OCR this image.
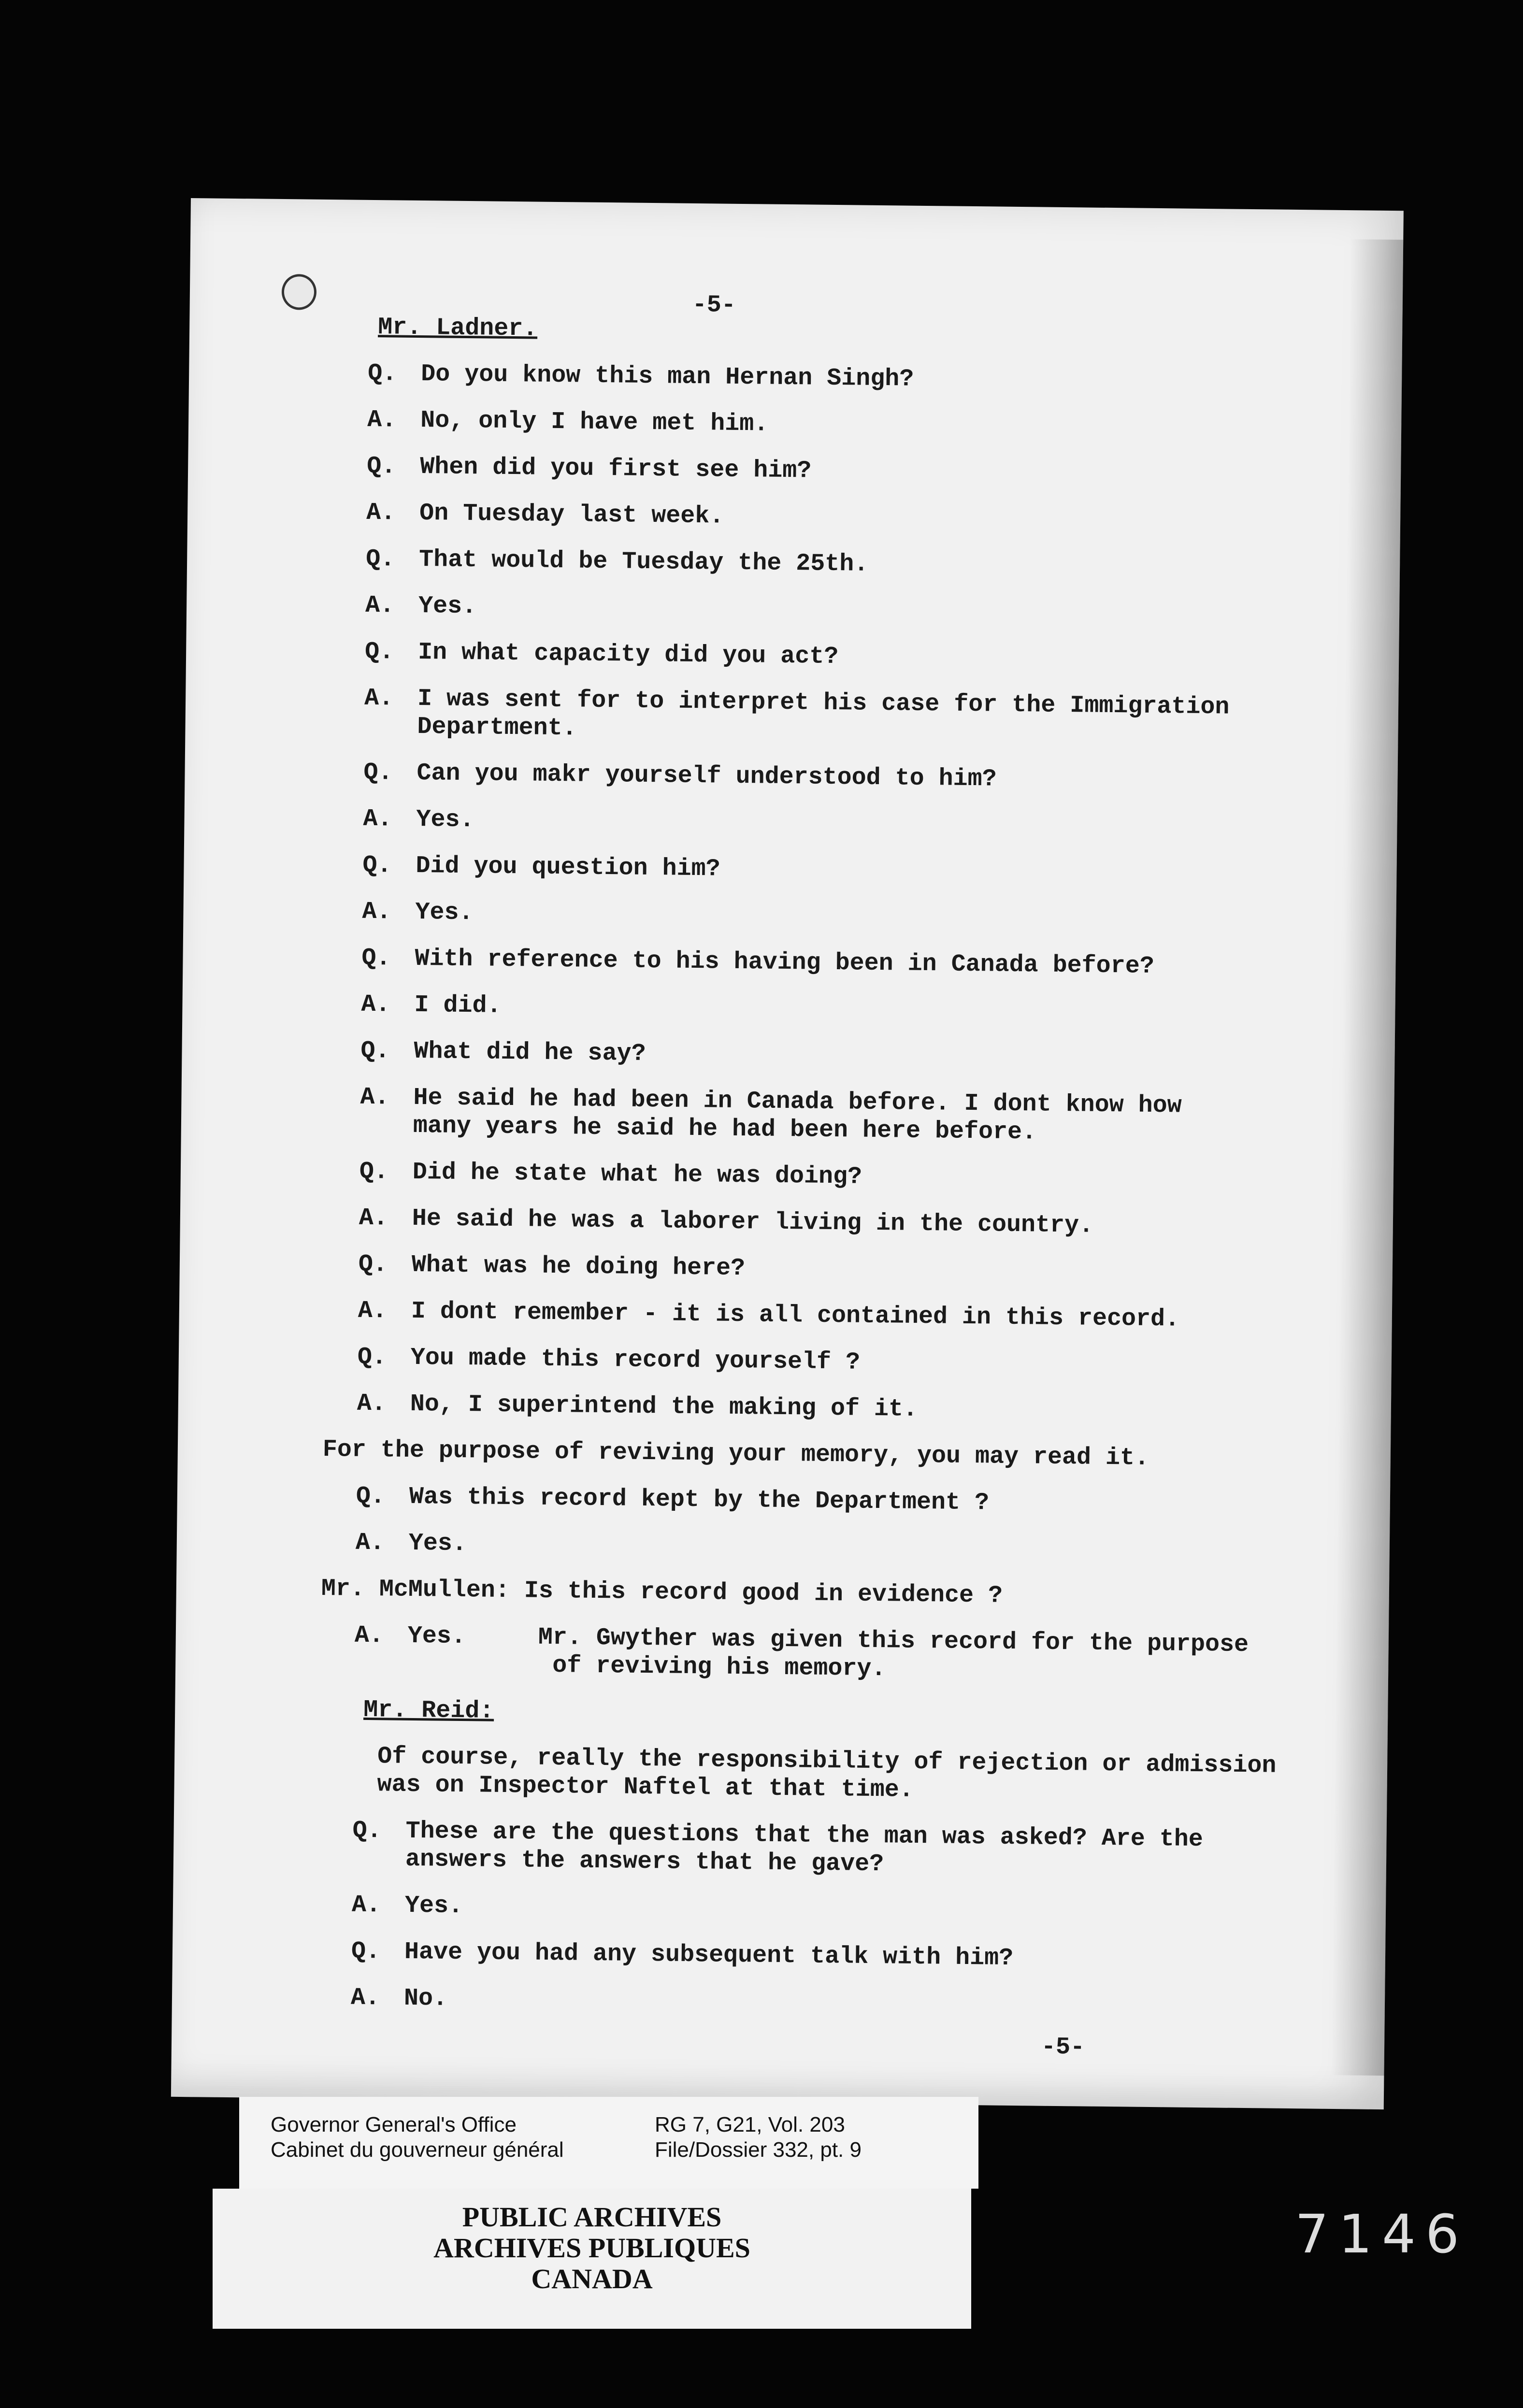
-5-
Mr. Ladner.
Q. Do you know this man Hernan Singh?
A. No, only I have met him.
Q. When did you first see him?
A. On Tuesday last week.
Q. That would be Tuesday the 25th.
A. Yes.
Q. In what capacity did you act?
A. I was sent for to interpret his case for the Immigration
Department.
Q. Can you makr yourself understood to him?
A. Yes.
Q. Did you question him?
A. Yes.
Q. With reference to his having been in Canada before?
A. I did.
Q. What did he say?
A. He said he had been in Canada before. I dont know how
many years he said he had been here before.
Q. Did he state what he was doing?
A. He said he was a laborer living in the country.
Q. What was he doing here?
A. I dont remember - it is all contained in this record.
Q. You made this record yourself ?
A. No, I superintend the making of it.
For the purpose of reviving your memory, you may read it.
Q. Was this record kept by the Department ?
A. Yes.
Mr. McMullen: Is this record good in evidence ?
A. Yes.     Mr. Gwyther was given this record for the purpose
of reviving his memory.
Mr. Reid:
Of course, really the responsibility of rejection or admission
was on Inspector Naftel at that time.
Q. These are the questions that the man was asked? Are the
answers the answers that he gave?
A. Yes.
Q. Have you had any subsequent talk with him?
A. No.
-5-
Governor General's Office
Cabinet du gouverneur général
RG 7, G21, Vol. 203
File/Dossier 332, pt. 9
PUBLIC ARCHIVES
ARCHIVES PUBLIQUES
CANADA
7146
